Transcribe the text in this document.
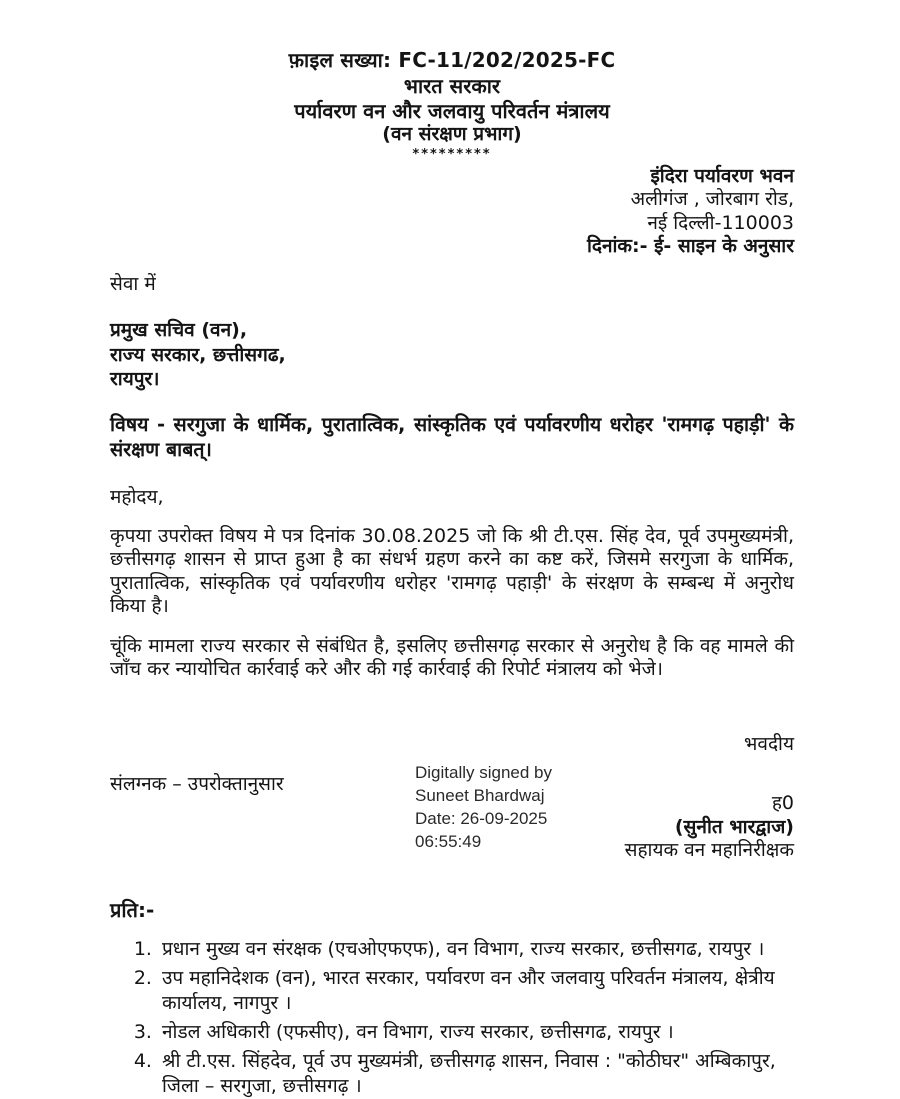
फ़ाइल सख्या: FC-11/202/2025-FC
भारत सरकार
पर्यावरण वन और जलवायु परिवर्तन मंत्रालय
(वन संरक्षण प्रभाग)
*********
इंदिरा पर्यावरण भवन
अलीगंज , जोरबाग रोड,
नई दिल्ली-110003
दिनांक:- ई- साइन के अनुसार
सेवा में
प्रमुख सचिव (वन),
राज्य सरकार, छत्तीसगढ,
रायपुर।
विषय - सरगुजा के धार्मिक, पुरातात्विक, सांस्कृतिक एवं पर्यावरणीय धरोहर 'रामगढ़ पहाड़ी' के संरक्षण बाबत्।
महोदय,

कृपया उपरोक्त विषय मे पत्र दिनांक 30.08.2025 जो कि श्री टी.एस. सिंह देव, पूर्व उपमुख्यमंत्री, छत्तीसगढ़ शासन से प्राप्त हुआ है का संधर्भ ग्रहण करने का कष्ट करें, जिसमे सरगुजा के धार्मिक, पुरातात्विक, सांस्कृतिक एवं पर्यावरणीय धरोहर 'रामगढ़ पहाड़ी' के संरक्षण के सम्बन्ध में अनुरोध किया है।

चूंकि मामला राज्य सरकार से संबंधित है, इसलिए छत्तीसगढ़ सरकार से अनुरोध है कि वह मामले की जाँच कर न्यायोचित कार्रवाई करे और की गई कार्रवाई की रिपोर्ट मंत्रालय को भेजे।

भवदीय
संलग्नक – उपरोक्तानुसार
Digitally signed by
Suneet Bhardwaj
Date: 26-09-2025
06:55:49
ह0
(सुनीत भारद्वाज)
सहायक वन महानिरीक्षक
प्रति:-
1. प्रधान मुख्य वन संरक्षक (एचओएफएफ), वन विभाग, राज्य सरकार, छत्तीसगढ, रायपुर ।
2. उप महानिदेशक (वन), भारत सरकार, पर्यावरण वन और जलवायु परिवर्तन मंत्रालय, क्षेत्रीय कार्यालय, नागपुर ।
3. नोडल अधिकारी (एफसीए), वन विभाग, राज्य सरकार, छत्तीसगढ, रायपुर ।
4. श्री टी.एस. सिंहदेव, पूर्व उप मुख्यमंत्री, छत्तीसगढ़ शासन, निवास : "कोठीघर" अम्बिकापुर, जिला – सरगुजा, छत्तीसगढ़ ।
